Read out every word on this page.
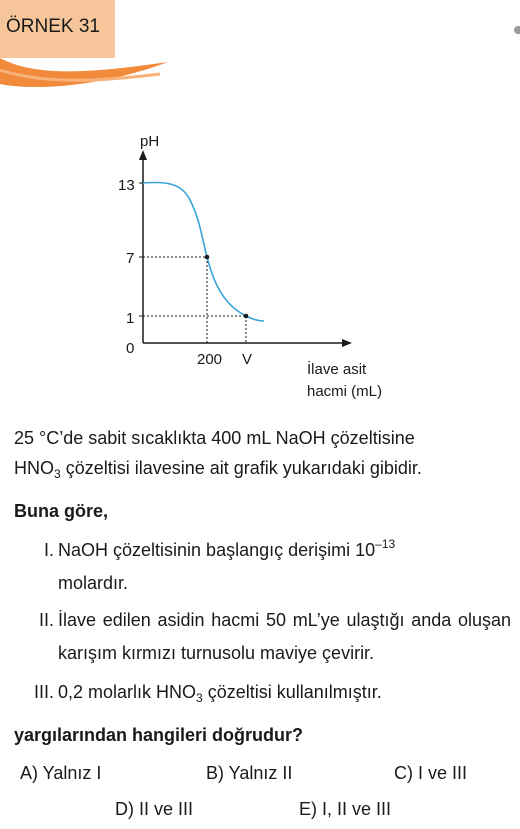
ÖRNEK 31
pH
13
7
1
0
200 V
İlave asit
hacmi (mL)
25 °C’de sabit sıcaklıkta 400 mL NaOH çözeltisine
$HNO_3$ çözeltisi ilavesine ait grafik yukarıdaki gibidir.
Buna göre,
I. NaOH çözeltisinin başlangıç derişimi $10^{-13}$
molardır.
II. İlave edilen asidin hacmi 50 mL’ye ulaştığı anda oluşan karışım kırmızı turnusolu maviye çevirir.
III. 0,2 molarlık $HNO_3$ çözeltisi kullanılmıştır.
yargılarından hangileri doğrudur?
A) Yalnız I	B) Yalnız II	C) I ve III
D) II ve III	E) I, II ve III
